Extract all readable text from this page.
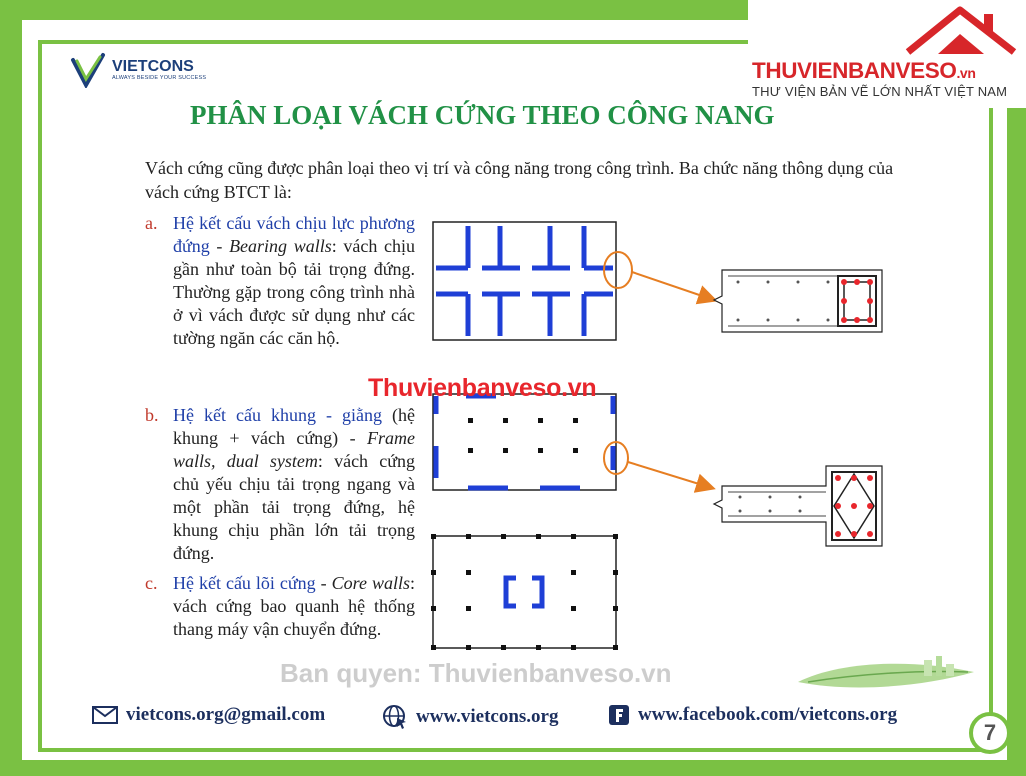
VIETCONS
ALWAYS BESIDE YOUR SUCCESS	THUVIENBANVESO.vn
THƯ VIỆN BẢN VẼ LỚN NHẤT VIỆT NAM
PHÂN LOẠI VÁCH CỨNG THEO CÔNG NANG
Vách cứng cũng được phân loại theo vị trí và công năng trong công trình. Ba chức năng thông dụng của vách cứng BTCT là:
a. Hệ kết cấu vách chịu lực phương đứng - Bearing walls: vách chịu gần như toàn bộ tải trọng đứng. Thường gặp trong công trình nhà ở vì vách được sử dụng như các tường ngăn các căn hộ.
b. Hệ kết cấu khung - giằng (hệ khung + vách cứng) - Frame walls, dual system: vách cứng chủ yếu chịu tải trọng ngang và một phần tải trọng đứng, hệ khung chịu phần lớn tải trọng đứng.
c. Hệ kết cấu lõi cứng - Core walls: vách cứng bao quanh hệ thống thang máy vận chuyển đứng.
Thuvienbanveso.vn
Ban quyen: Thuvienbanveso.vn
vietcons.org@gmail.com	www.vietcons.org	www.facebook.com/vietcons.org
7
